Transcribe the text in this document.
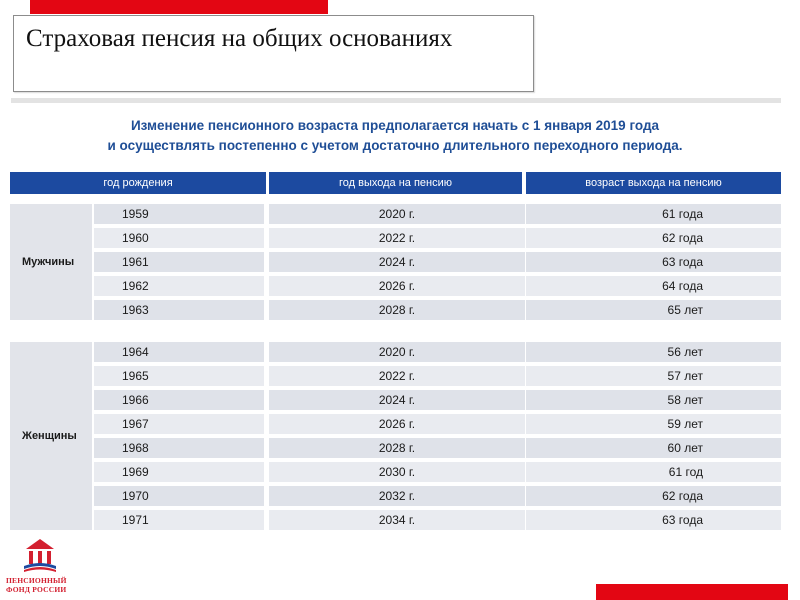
Страховая пенсия на общих основаниях
Изменение пенсионного возраста предполагается начать с 1 января 2019 года
и осуществлять постепенно с учетом достаточно длительного переходного периода.
год рождения	год выхода на пенсию	возраст выхода на пенсию
Мужчины
1959	2020 г.	61 года
1960	2022 г.	62 года
1961	2024 г.	63 года
1962	2026 г.	64 года
1963	2028 г.	65 лет
Женщины
1964	2020 г.	56 лет
1965	2022 г.	57 лет
1966	2024 г.	58 лет
1967	2026 г.	59 лет
1968	2028 г.	60 лет
1969	2030 г.	61 год
1970	2032 г.	62 года
1971	2034 г.	63 года
ПЕНСИОННЫЙ
ФОНД РОССИИ
